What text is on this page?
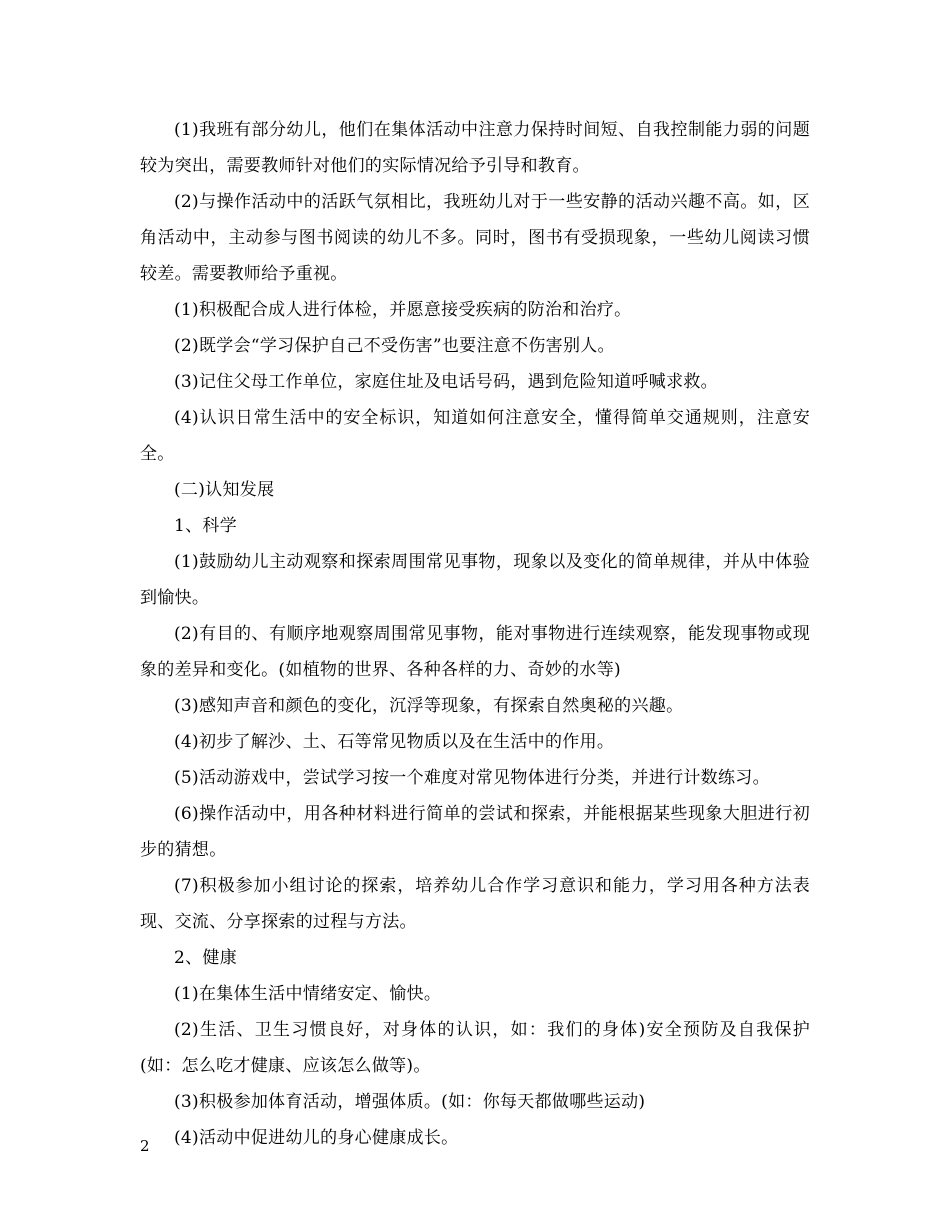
(1)我班有部分幼儿，他们在集体活动中注意力保持时间短、自我控制能力弱的问题较为突出，需要教师针对他们的实际情况给予引导和教育。

(2)与操作活动中的活跃气氛相比，我班幼儿对于一些安静的活动兴趣不高。如，区角活动中，主动参与图书阅读的幼儿不多。同时，图书有受损现象，一些幼儿阅读习惯较差。需要教师给予重视。

(1)积极配合成人进行体检，并愿意接受疾病的防治和治疗。

(2)既学会“学习保护自己不受伤害”也要注意不伤害别人。

(3)记住父母工作单位，家庭住址及电话号码，遇到危险知道呼喊求救。

(4)认识日常生活中的安全标识，知道如何注意安全，懂得简单交通规则，注意安全。

(二)认知发展

1、科学

(1)鼓励幼儿主动观察和探索周围常见事物，现象以及变化的简单规律，并从中体验到愉快。

(2)有目的、有顺序地观察周围常见事物，能对事物进行连续观察，能发现事物或现象的差异和变化。(如植物的世界、各种各样的力、奇妙的水等)

(3)感知声音和颜色的变化，沉浮等现象，有探索自然奥秘的兴趣。

(4)初步了解沙、土、石等常见物质以及在生活中的作用。

(5)活动游戏中，尝试学习按一个难度对常见物体进行分类，并进行计数练习。

(6)操作活动中，用各种材料进行简单的尝试和探索，并能根据某些现象大胆进行初步的猜想。

(7)积极参加小组讨论的探索，培养幼儿合作学习意识和能力，学习用各种方法表现、交流、分享探索的过程与方法。

2、健康

(1)在集体生活中情绪安定、愉快。

(2)生活、卫生习惯良好，对身体的认识，如：我们的身体)安全预防及自我保护(如：怎么吃才健康、应该怎么做等)。

(3)积极参加体育活动，增强体质。(如：你每天都做哪些运动)

(4)活动中促进幼儿的身心健康成长。

2
